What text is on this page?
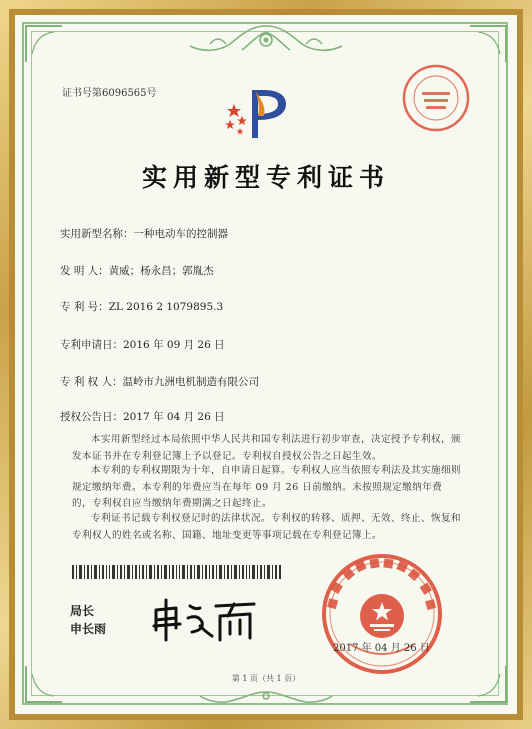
证书号第6096565号
实用新型专利证书
实用新型名称：一种电动车的控制器
发 明 人：黄威；杨永昌；郭胤杰
专 利 号：ZL 2016 2 1079895.3
专利申请日：2016 年 09 月 26 日
专 利 权 人：温岭市九洲电机制造有限公司
授权公告日：2017 年 04 月 26 日
本实用新型经过本局依照中华人民共和国专利法进行初步审查，决定授予专利权，颁发本证书并在专利登记簿上予以登记。专利权自授权公告之日起生效。
本专利的专利权期限为十年，自申请日起算。专利权人应当依照专利法及其实施细则规定缴纳年费。本专利的年费应当在每年 09 月 26 日前缴纳。未按照规定缴纳年费的，专利权自应当缴纳年费期满之日起终止。
专利证书记载专利权登记时的法律状况。专利权的转移、质押、无效、终止、恢复和专利权人的姓名或名称、国籍、地址变更等事项记载在专利登记簿上。
局长
申长雨
2017 年 04 月 26 日
第 1 页（共 1 页）
